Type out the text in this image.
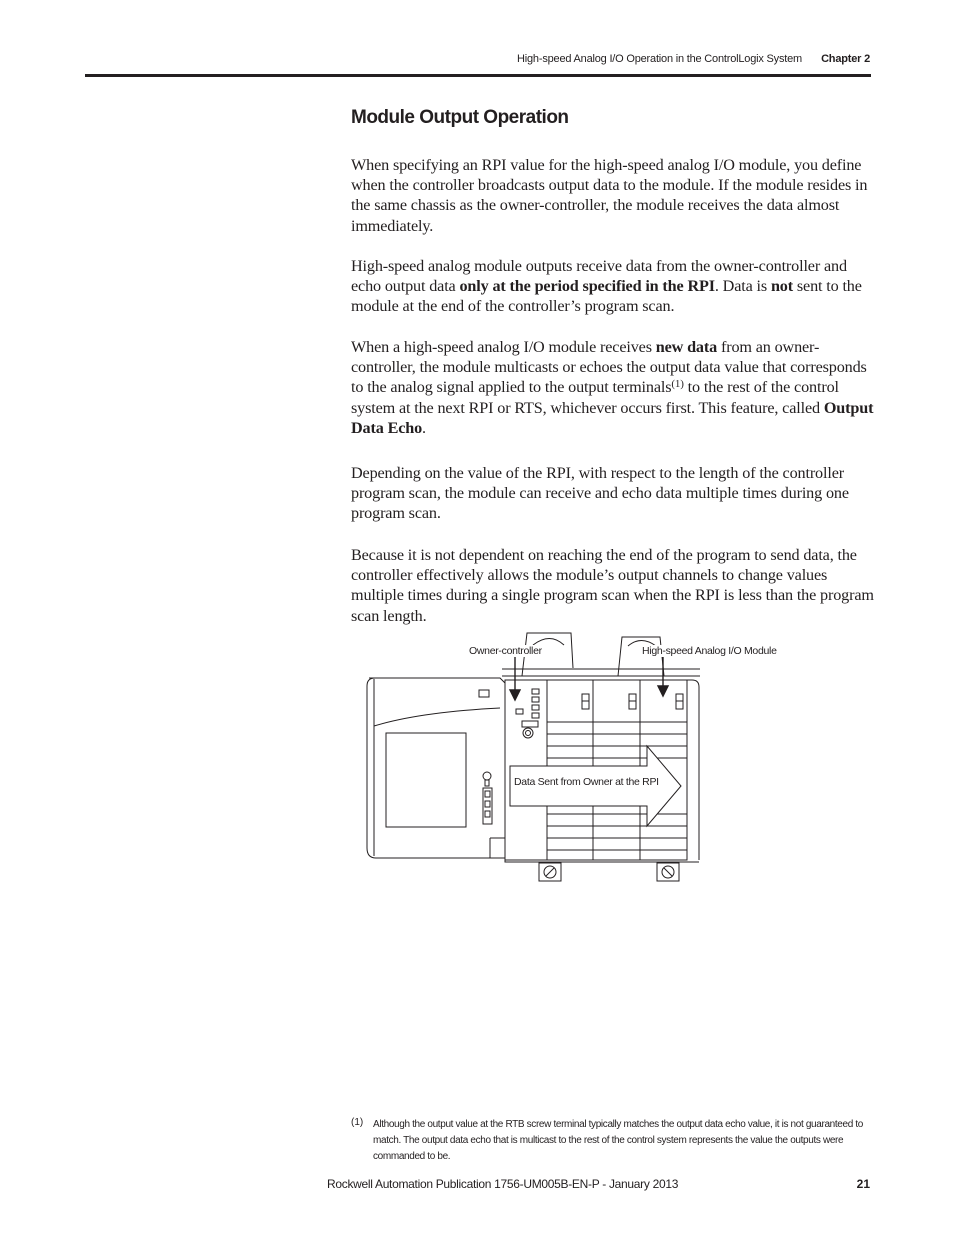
High-speed Analog I/O Operation in the ControlLogix System Chapter 2
Module Output Operation

When specifying an RPI value for the high-speed analog I/O module, you define when the controller broadcasts output data to the module. If the module resides in the same chassis as the owner-controller, the module receives the data almost immediately.

High-speed analog module outputs receive data from the owner-controller and echo output data only at the period specified in the RPI. Data is not sent to the module at the end of the controller’s program scan.

When a high-speed analog I/O module receives new data from an owner-controller, the module multicasts or echoes the output data value that corresponds to the analog signal applied to the output terminals$^{(1)}$ to the rest of the control system at the next RPI or RTS, whichever occurs first. This feature, called Output Data Echo.

Depending on the value of the RPI, with respect to the length of the controller program scan, the module can receive and echo data multiple times during one program scan.

Because it is not dependent on reaching the end of the program to send data, the controller effectively allows the module’s output channels to change values multiple times during a single program scan when the RPI is less than the program scan length.

Owner-controller	High-speed Analog I/O Module
Data Sent from Owner at the RPI
(1) Although the output value at the RTB screw terminal typically matches the output data echo value, it is not guaranteed to match. The output data echo that is multicast to the rest of the control system represents the value the outputs were commanded to be.
Rockwell Automation Publication 1756-UM005B-EN-P - January 2013	21
